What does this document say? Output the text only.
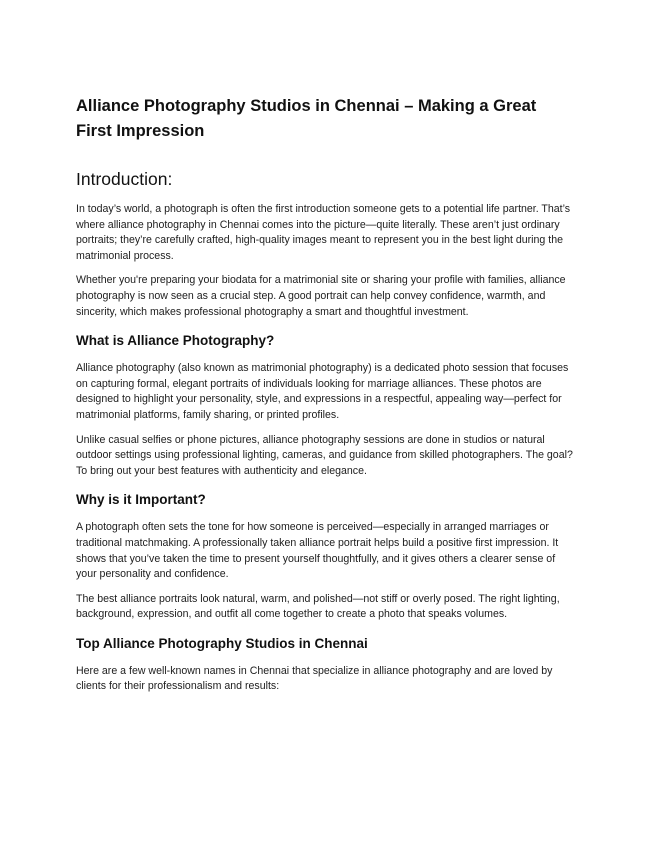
Alliance Photography Studios in Chennai – Making a Great First Impression
Introduction:

In today’s world, a photograph is often the first introduction someone gets to a potential life partner. That’s where alliance photography in Chennai comes into the picture—quite literally. These aren’t just ordinary portraits; they’re carefully crafted, high-quality images meant to represent you in the best light during the matrimonial process.

Whether you're preparing your biodata for a matrimonial site or sharing your profile with families, alliance photography is now seen as a crucial step. A good portrait can help convey confidence, warmth, and sincerity, which makes professional photography a smart and thoughtful investment.

What is Alliance Photography?

Alliance photography (also known as matrimonial photography) is a dedicated photo session that focuses on capturing formal, elegant portraits of individuals looking for marriage alliances. These photos are designed to highlight your personality, style, and expressions in a respectful, appealing way—perfect for matrimonial platforms, family sharing, or printed profiles.

Unlike casual selfies or phone pictures, alliance photography sessions are done in studios or natural outdoor settings using professional lighting, cameras, and guidance from skilled photographers. The goal? To bring out your best features with authenticity and elegance.

Why is it Important?

A photograph often sets the tone for how someone is perceived—especially in arranged marriages or traditional matchmaking. A professionally taken alliance portrait helps build a positive first impression. It shows that you’ve taken the time to present yourself thoughtfully, and it gives others a clearer sense of your personality and confidence.

The best alliance portraits look natural, warm, and polished—not stiff or overly posed. The right lighting, background, expression, and outfit all come together to create a photo that speaks volumes.

Top Alliance Photography Studios in Chennai

Here are a few well-known names in Chennai that specialize in alliance photography and are loved by clients for their professionalism and results:
